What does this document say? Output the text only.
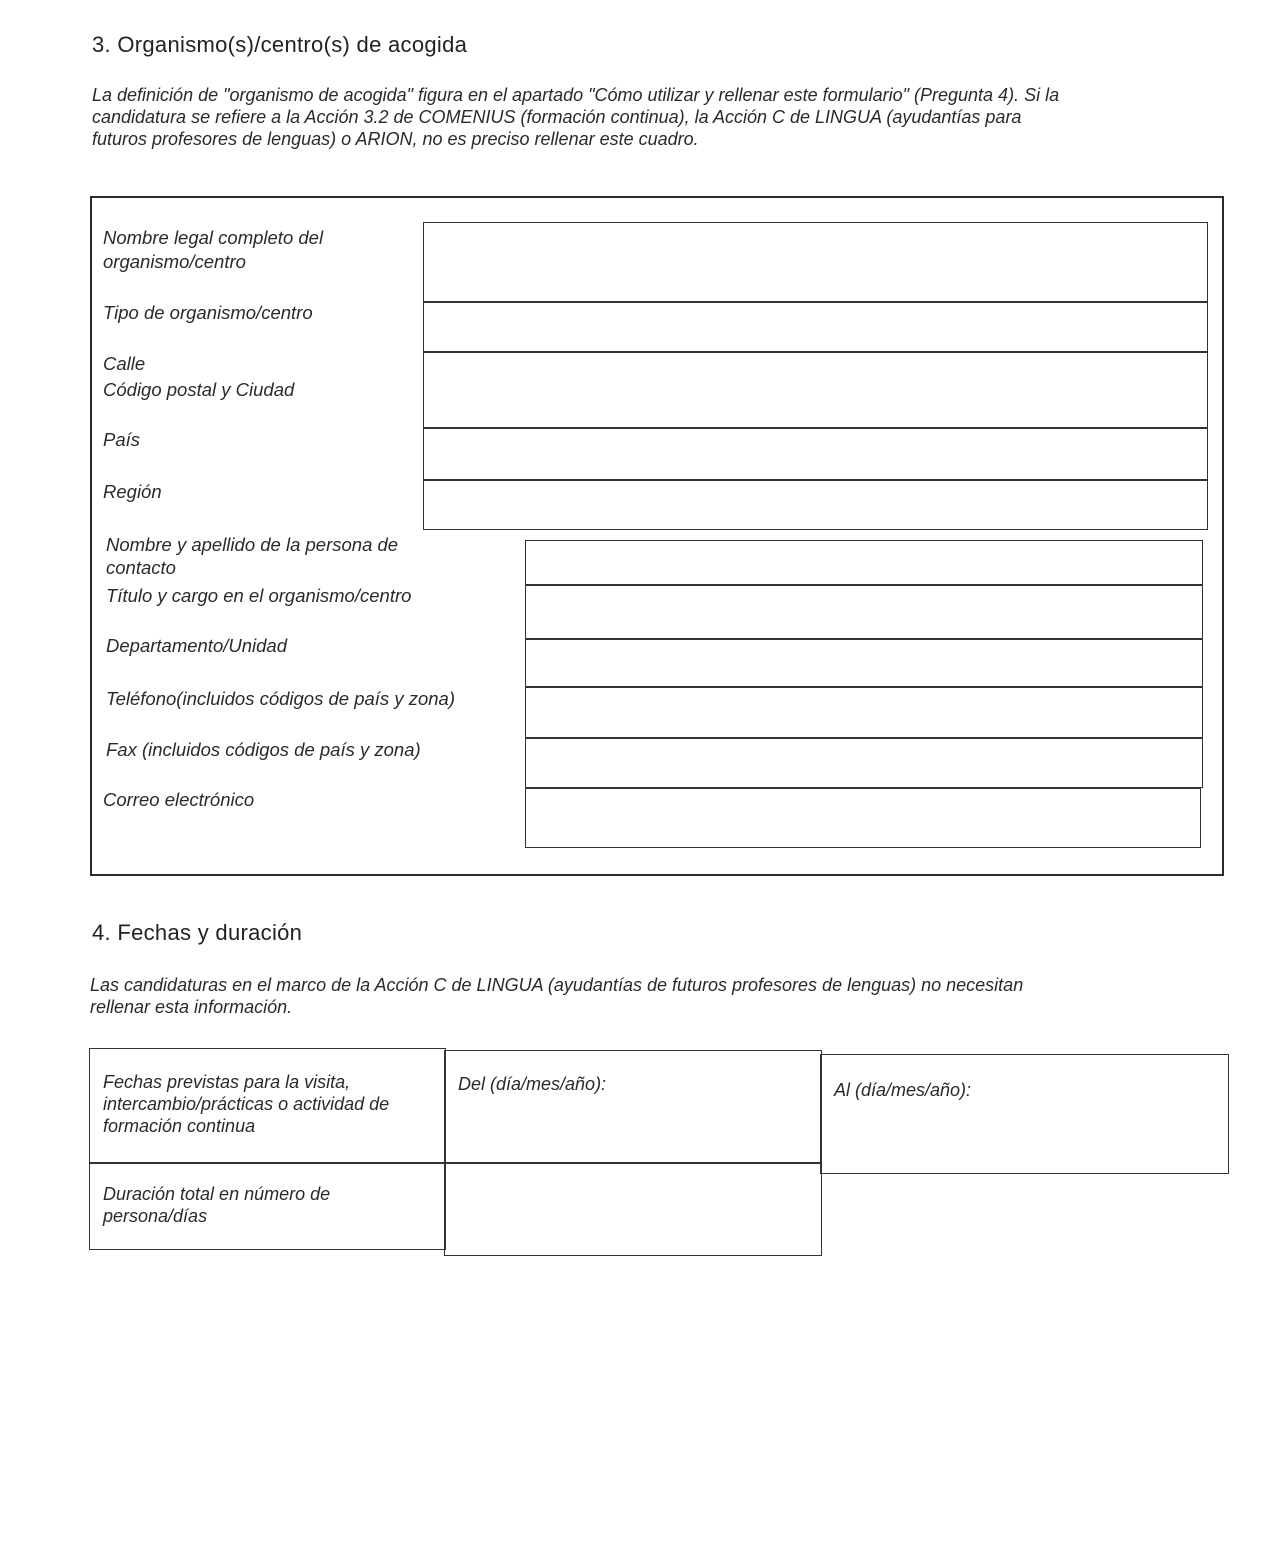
3. Organismo(s)/centro(s) de acogida
La definición de "organismo de acogida" figura en el apartado "Cómo utilizar y rellenar este formulario" (Pregunta 4). Si la
candidatura se refiere a la Acción 3.2 de COMENIUS (formación continua), la Acción C de LINGUA (ayudantías para
futuros profesores de lenguas) o ARION, no es preciso rellenar este cuadro.
Nombre legal completo del
organismo/centro
Tipo de organismo/centro
Calle
Código postal y Ciudad
País
Región
Nombre y apellido de la persona de
contacto
Título y cargo en el organismo/centro
Departamento/Unidad
Teléfono(incluidos códigos de país y zona)
Fax (incluidos códigos de país y zona)
Correo electrónico
4. Fechas y duración
Las candidaturas en el marco de la Acción C de LINGUA (ayudantías de futuros profesores de lenguas) no necesitan
rellenar esta información.
Fechas previstas para la visita,
intercambio/prácticas o actividad de
formación continua
Del (día/mes/año):	Al (día/mes/año):
Duración total en número de
persona/días
